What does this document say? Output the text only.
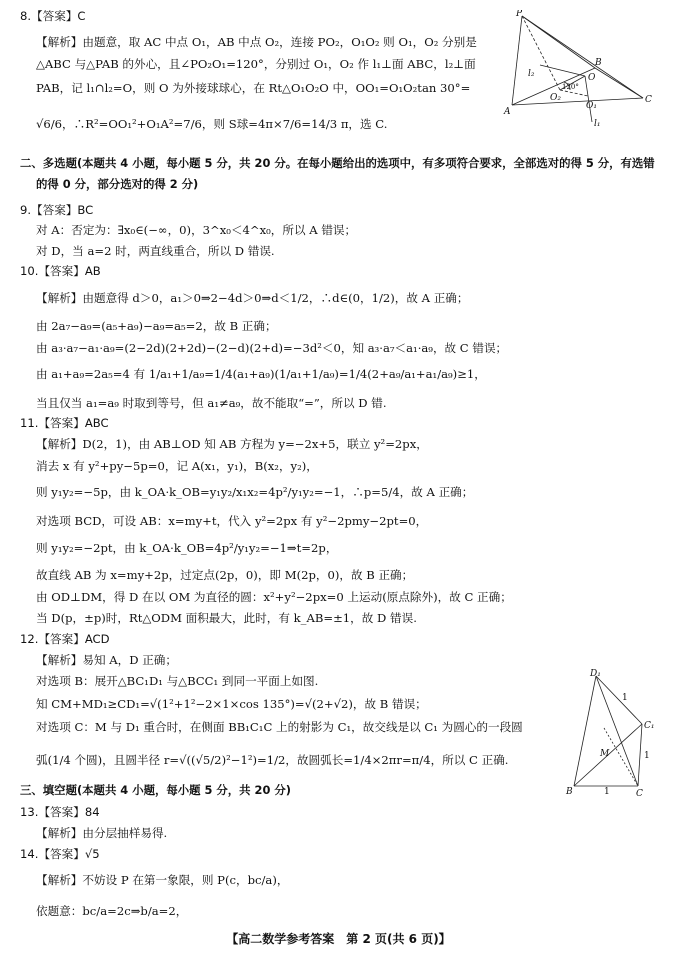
8.【答案】C
【解析】由题意，取 AC 中点 O₁，AB 中点 O₂，连接 PO₂，O₁O₂ 则 O₁，O₂ 分别是
△ABC 与△PAB 的外心，且∠PO₂O₁=120°，分别过 O₁，O₂ 作 l₁⊥面 ABC，l₂⊥面
PAB，记 l₁∩l₂=O，则 O 为外接球球心，在 Rt△O₁O₂O 中，OO₁=O₁O₂tan 30°=
√6/6，∴R²=OO₁²+O₁A²=7/6，则 S球=4π×7/6=14/3 π，选 C.
P
B
A
C
O₂
O
O₁
l₂
l₁
120°
二、多选题(本题共 4 小题，每小题 5 分，共 20 分。在每小题给出的选项中，有多项符合要求，全部选对的得 5 分，有选错
的得 0 分，部分选对的得 2 分)
9.【答案】BC
对 A：否定为：∃x₀∈(−∞，0)，3^x₀＜4^x₀，所以 A 错误；
对 D，当 a=2 时，两直线重合，所以 D 错误.
10.【答案】AB
【解析】由题意得 d＞0，a₁＞0⇒2−4d＞0⇒d＜1/2，∴d∈(0，1/2)，故 A 正确；
由 2a₇−a₉=(a₅+a₉)−a₉=a₅=2，故 B 正确；
由 a₃·a₇−a₁·a₉=(2−2d)(2+2d)−(2−d)(2+d)=−3d²＜0，知 a₃·a₇＜a₁·a₉，故 C 错误；
由 a₁+a₉=2a₅=4 有 1/a₁+1/a₉=1/4(a₁+a₉)(1/a₁+1/a₉)=1/4(2+a₉/a₁+a₁/a₉)≥1，
当且仅当 a₁=a₉ 时取到等号，但 a₁≠a₉，故不能取“=”，所以 D 错.
11.【答案】ABC
【解析】D(2，1)，由 AB⊥OD 知 AB 方程为 y=−2x+5，联立 y²=2px，
消去 x 有 y²+py−5p=0，记 A(x₁，y₁)，B(x₂，y₂)，
则 y₁y₂=−5p，由 k_OA·k_OB=y₁y₂/x₁x₂=4p²/y₁y₂=−1，∴p=5/4，故 A 正确；
对选项 BCD，可设 AB：x=my+t，代入 y²=2px 有 y²−2pmy−2pt=0，
则 y₁y₂=−2pt，由 k_OA·k_OB=4p²/y₁y₂=−1⇒t=2p，
故直线 AB 为 x=my+2p，过定点(2p，0)，即 M(2p，0)，故 B 正确；
由 OD⊥DM，得 D 在以 OM 为直径的圆：x²+y²−2px=0 上运动(原点除外)，故 C 正确；
当 D(p，±p)时，Rt△ODM 面积最大，此时，有 k_AB=±1，故 D 错误.
12.【答案】ACD
【解析】易知 A，D 正确；
对选项 B：展开△BC₁D₁ 与△BCC₁ 到同一平面上如图.
知 CM+MD₁≥CD₁=√(1²+1²−2×1×cos 135°)=√(2+√2)，故 B 错误；
对选项 C：M 与 D₁ 重合时，在侧面 BB₁C₁C 上的射影为 C₁，故交线是以 C₁ 为圆心的一段圆
弧(1/4 个圆)，且圆半径 r=√((√5/2)²−1²)=1/2，故圆弧长=1/4×2πr=π/4，所以 C 正确.
D₁
C₁
B	C
1
1
1
M
三、填空题(本题共 4 小题，每小题 5 分，共 20 分)
13.【答案】84
【解析】由分层抽样易得.
14.【答案】√5
【解析】不妨设 P 在第一象限，则 P(c，bc/a)，
依题意：bc/a=2c⇒b/a=2，
【高二数学参考答案　第 2 页(共 6 页)】
